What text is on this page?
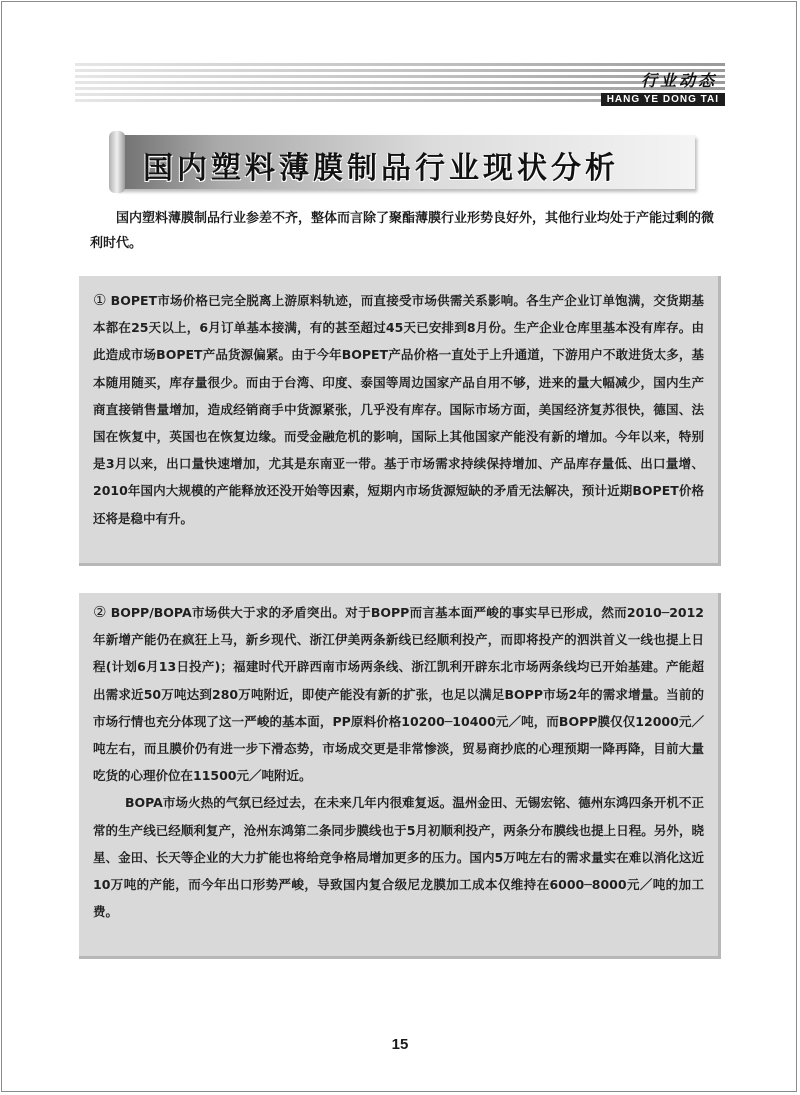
行业动态
HANG YE DONG TAI
国内塑料薄膜制品行业现状分析
国内塑料薄膜制品行业参差不齐，整体而言除了聚酯薄膜行业形势良好外，其他行业均处于产能过剩的微利时代。

① BOPET市场价格已完全脱离上游原料轨迹，而直接受市场供需关系影响。各生产企业订单饱满，交货期基本都在25天以上，6月订单基本接满，有的甚至超过45天已安排到8月份。生产企业仓库里基本没有库存。由此造成市场BOPET产品货源偏紧。由于今年BOPET产品价格一直处于上升通道，下游用户不敢进货太多，基本随用随买，库存量很少。而由于台湾、印度、泰国等周边国家产品自用不够，进来的量大幅减少，国内生产商直接销售量增加，造成经销商手中货源紧张，几乎没有库存。国际市场方面，美国经济复苏很快，德国、法国在恢复中，英国也在恢复边缘。而受金融危机的影响，国际上其他国家产能没有新的增加。今年以来，特别是3月以来，出口量快速增加，尤其是东南亚一带。基于市场需求持续保持增加、产品库存量低、出口量增、2010年国内大规模的产能释放还没开始等因素，短期内市场货源短缺的矛盾无法解决，预计近期BOPET价格还将是稳中有升。

② BOPP/BOPA市场供大于求的矛盾突出。对于BOPP而言基本面严峻的事实早已形成，然而2010─2012年新增产能仍在疯狂上马，新乡现代、浙江伊美两条新线已经顺利投产，而即将投产的泗洪首义一线也提上日程(计划6月13日投产)；福建时代开辟西南市场两条线、浙江凯利开辟东北市场两条线均已开始基建。产能超出需求近50万吨达到280万吨附近，即使产能没有新的扩张，也足以满足BOPP市场2年的需求增量。当前的市场行情也充分体现了这一严峻的基本面，PP原料价格10200─10400元／吨，而BOPP膜仅仅12000元／吨左右，而且膜价仍有进一步下滑态势，市场成交更是非常惨淡，贸易商抄底的心理预期一降再降，目前大量吃货的心理价位在11500元／吨附近。

BOPA市场火热的气氛已经过去，在未来几年内很难复返。温州金田、无锡宏铭、德州东鸿四条开机不正常的生产线已经顺利复产，沧州东鸿第二条同步膜线也于5月初顺利投产，两条分布膜线也提上日程。另外，晓星、金田、长天等企业的大力扩能也将给竞争格局增加更多的压力。国内5万吨左右的需求量实在难以消化这近10万吨的产能，而今年出口形势严峻，导致国内复合级尼龙膜加工成本仅维持在6000─8000元／吨的加工费。

15
